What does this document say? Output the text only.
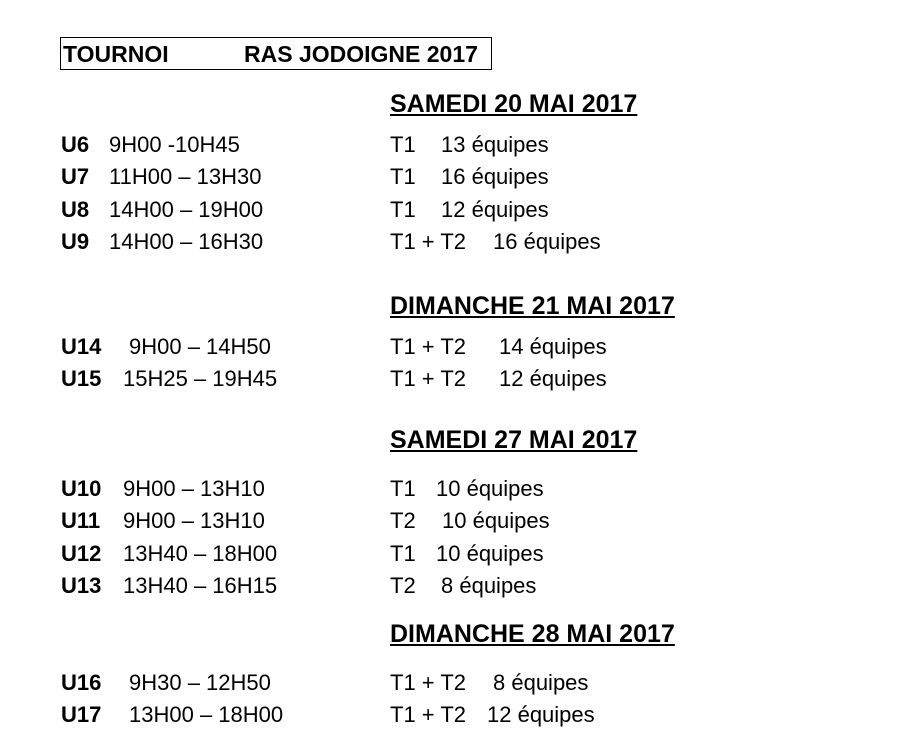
TOURNOI	RAS JODOIGNE 2017
SAMEDI 20 MAI 2017
U6 9H00 -10H45	T1 13 équipes
U7 11H00 – 13H30	T1 16 équipes
U8 14H00 – 19H00	T1 12 équipes
U9 14H00 – 16H30	T1 + T2 16 équipes
DIMANCHE 21 MAI 2017
U14 9H00 – 14H50	T1 + T2 14 équipes
U15 15H25 – 19H45	T1 + T2 12 équipes
SAMEDI 27 MAI 2017
U10 9H00 – 13H10	T1 10 équipes
U11 9H00 – 13H10	T2 10 équipes
U12 13H40 – 18H00	T1 10 équipes
U13 13H40 – 16H15	T2 8 équipes
DIMANCHE 28 MAI 2017
U16 9H30 – 12H50	T1 + T2 8 équipes
U17 13H00 – 18H00	T1 + T2 12 équipes
